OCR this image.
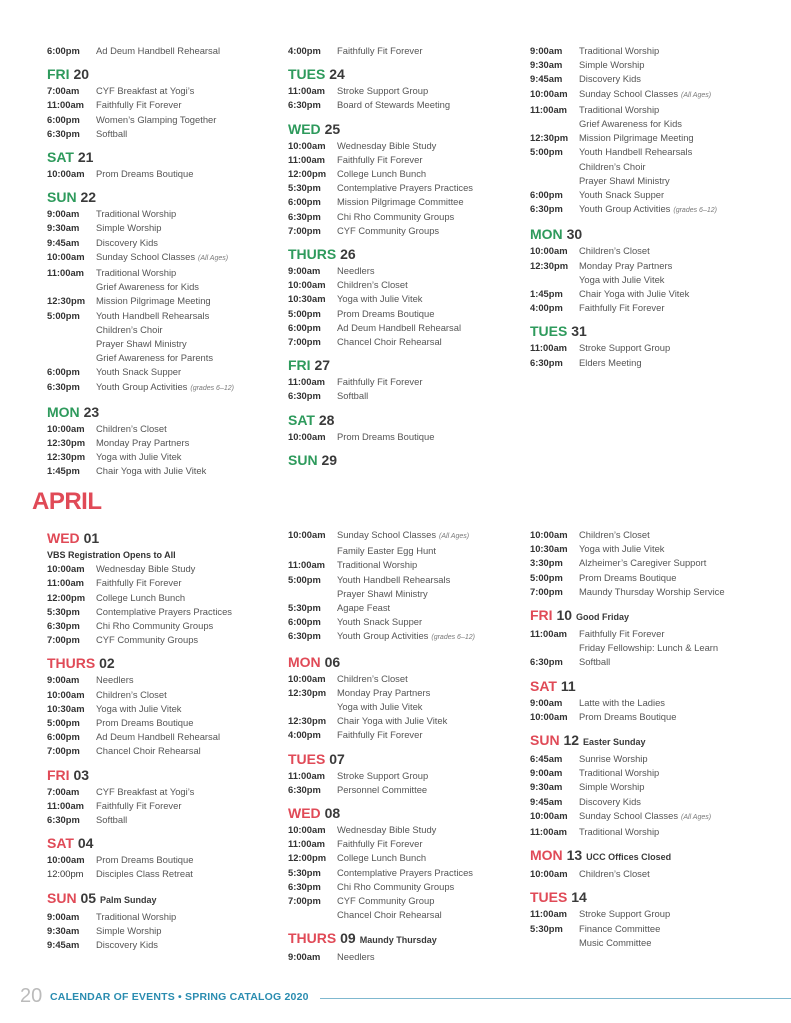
6:00pm	Ad Deum Handbell Rehearsal
FRI 20
7:00am	CYF Breakfast at Yogi’s
11:00am	Faithfully Fit Forever
6:00pm	Women’s Glamping Together
6:30pm	Softball
SAT 21
10:00am	Prom Dreams Boutique
SUN 22
9:00am	Traditional Worship
9:30am	Simple Worship
9:45am	Discovery Kids
10:00am	Sunday School Classes (All Ages)
11:00am	Traditional Worship
Grief Awareness for Kids
12:30pm	Mission Pilgrimage Meeting
5:00pm	Youth Handbell Rehearsals
Children’s Choir
Prayer Shawl Ministry
Grief Awareness for Parents
6:00pm	Youth Snack Supper
6:30pm	Youth Group Activities (grades 6–12)
MON 23
10:00am	Children’s Closet
12:30pm	Monday Pray Partners
12:30pm	Yoga with Julie Vitek
1:45pm	Chair Yoga with Julie Vitek
4:00pm	Faithfully Fit Forever
TUES 24
11:00am	Stroke Support Group
6:30pm	Board of Stewards Meeting
WED 25
10:00am	Wednesday Bible Study
11:00am	Faithfully Fit Forever
12:00pm	College Lunch Bunch
5:30pm	Contemplative Prayers Practices
6:00pm	Mission Pilgrimage Committee
6:30pm	Chi Rho Community Groups
7:00pm	CYF Community Groups
THURS 26
9:00am	Needlers
10:00am	Children’s Closet
10:30am	Yoga with Julie Vitek
5:00pm	Prom Dreams Boutique
6:00pm	Ad Deum Handbell Rehearsal
7:00pm	Chancel Choir Rehearsal
FRI 27
11:00am	Faithfully Fit Forever
6:30pm	Softball
SAT 28
10:00am	Prom Dreams Boutique
SUN 29
9:00am	Traditional Worship
9:30am	Simple Worship
9:45am	Discovery Kids
10:00am	Sunday School Classes (All Ages)
11:00am	Traditional Worship
Grief Awareness for Kids
12:30pm	Mission Pilgrimage Meeting
5:00pm	Youth Handbell Rehearsals
Children’s Choir
Prayer Shawl Ministry
6:00pm	Youth Snack Supper
6:30pm	Youth Group Activities (grades 6–12)
MON 30
10:00am	Children’s Closet
12:30pm	Monday Pray Partners
Yoga with Julie Vitek
1:45pm	Chair Yoga with Julie Vitek
4:00pm	Faithfully Fit Forever
TUES 31
11:00am	Stroke Support Group
6:30pm	Elders Meeting
APRIL
WED 01
VBS Registration Opens to All
10:00am	Wednesday Bible Study
11:00am	Faithfully Fit Forever
12:00pm	College Lunch Bunch
5:30pm	Contemplative Prayers Practices
6:30pm	Chi Rho Community Groups
7:00pm	CYF Community Groups
THURS 02
9:00am	Needlers
10:00am	Children’s Closet
10:30am	Yoga with Julie Vitek
5:00pm	Prom Dreams Boutique
6:00pm	Ad Deum Handbell Rehearsal
7:00pm	Chancel Choir Rehearsal
FRI 03
7:00am	CYF Breakfast at Yogi’s
11:00am	Faithfully Fit Forever
6:30pm	Softball
SAT 04
10:00am	Prom Dreams Boutique
12:00pm	Disciples Class Retreat
SUN 05 Palm Sunday
9:00am	Traditional Worship
9:30am	Simple Worship
9:45am	Discovery Kids
10:00am	Sunday School Classes (All Ages)
Family Easter Egg Hunt
11:00am	Traditional Worship
5:00pm	Youth Handbell Rehearsals
Prayer Shawl Ministry
5:30pm	Agape Feast
6:00pm	Youth Snack Supper
6:30pm	Youth Group Activities (grades 6–12)
MON 06
10:00am	Children’s Closet
12:30pm	Monday Pray Partners
Yoga with Julie Vitek
12:30pm	Chair Yoga with Julie Vitek
4:00pm	Faithfully Fit Forever
TUES 07
11:00am	Stroke Support Group
6:30pm	Personnel Committee
WED 08
10:00am	Wednesday Bible Study
11:00am	Faithfully Fit Forever
12:00pm	College Lunch Bunch
5:30pm	Contemplative Prayers Practices
6:30pm	Chi Rho Community Groups
7:00pm	CYF Community Group
Chancel Choir Rehearsal
THURS 09 Maundy Thursday
9:00am	Needlers
10:00am	Children’s Closet
10:30am	Yoga with Julie Vitek
3:30pm	Alzheimer’s Caregiver Support
5:00pm	Prom Dreams Boutique
7:00pm	Maundy Thursday Worship Service
FRI 10 Good Friday
11:00am	Faithfully Fit Forever
Friday Fellowship: Lunch & Learn
6:30pm	Softball
SAT 11
9:00am	Latte with the Ladies
10:00am	Prom Dreams Boutique
SUN 12 Easter Sunday
6:45am	Sunrise Worship
9:00am	Traditional Worship
9:30am	Simple Worship
9:45am	Discovery Kids
10:00am	Sunday School Classes (All Ages)
11:00am	Traditional Worship
MON 13 UCC Offices Closed
10:00am	Children’s Closet
TUES 14
11:00am	Stroke Support Group
5:30pm	Finance Committee
Music Committee
20 CALENDAR OF EVENTS • SPRING CATALOG 2020
